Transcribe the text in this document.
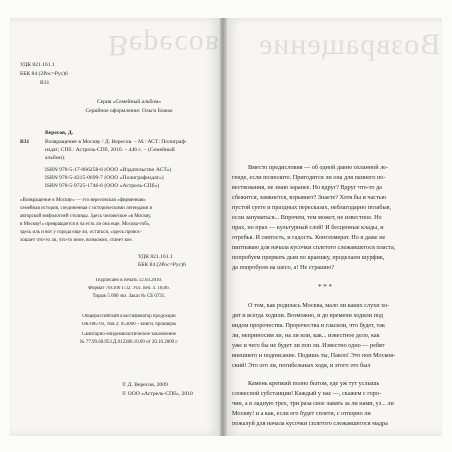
Вересов Возвращение
УДК 821.161.1
ББК 84 (2Рос=Рус)6
В31
Серия «Семейный альбом»
Серийное оформление: Ольги Божко
В31
Вересов, Д.
Возвращение в Москву / Д. Вересов. – М.: АСТ: Полиграф-
издат; СПб.: Астрель-СПб, 2010. – 446 с. – (Семейный
альбом).
ISBN 978-5-17-066258-6 (ООО «Издательство АСТ»)
ISBN 978-5-4215-0699-7 (ООО «Полиграфиздат»)
ISBN 978-5-9725-1746-6 (ООО «Астрель-СПб»)
«Возвращение в Москву» — это вересовская «фирменная»
семейная история, соединенная с историческими легендами и
авторской мифологией столицы. Здесь человеское «в Москву,
в Москву!» превращается в ча есть ли она еще, Москва-тоб»,
здесь иль и вот у города еще ли, остаться, «здесь провос-
хошает что-то ли, что-то иное, возможно, станет кое.
УДК 821.161.1
ББК 84 (2Рос=Рус)6
Подписано в печать 12.03.2010.
Формат 70x100 1/32. Усл. печ. л. 18,06.
Тираж 5 000 экз. Заказ № СБ 0731.
Общероссийский классификатор продукции
ОК-005-93, том 2; 953000 – книги, брошюры
Санитарно-эпидемиологическое заключение
№ 77.99.60.953.Д.012280.10.09 от 20.10.2009 г.
© Д. Вересов, 2009
© ООО «Астрель-СПб», 2010
Вместо предисловия — об одной давно охланной ле-
генде, если позволите. Пригодится ли она для папнего по-
вествования, не знаю заранее. Но вдруг? Вдруг что-то да
сбежится, замкнется, взрывнет? Знаете? Хотя бы и частью
пустой суете и праздных пересказах, неблагодарно позабыв,
если запуматься... Впрочем, тем может, не известное. Но
прах, но прах — культурный слой! И бесценные клады, и
отребья. И святость, и гадость. Конгломерат. Но я даже не
пиптываю для начала кусочки сплетого слежавшегося пласта,
попробуем прервать дым по краешку, проделаем шурфик,
да попробуем на шесо, а! Не страшно?
* * *
О том, как родилась Москва, мало ли каких слухи хо-
дят и всегда ходили. Возможно, и до времени ходили под
видом пророчества. Пророчества и гласили, что будет, так
ли, неприносим ли, на ли или, как... известное дело, как
уже и чего бы не будет ли поп ли. Известно одно — ребят
внешнего и подписание. Подишь ты, Павло! Это поп Москов-
ский! Это ого ли, погибельных ходя, и этого это был
Камень крепкий полно бытом, еде уж тут услышь
словесной субстанции! Каждый у нас —, скажем с горо-
чин, а в ладную трех, три раза свое лавать за ли нами, уз... ли
Москву! и а как, если его будет сплети, с отпорно ли
пожалуй для начала кусочки сплетого слежавшегося мадра
